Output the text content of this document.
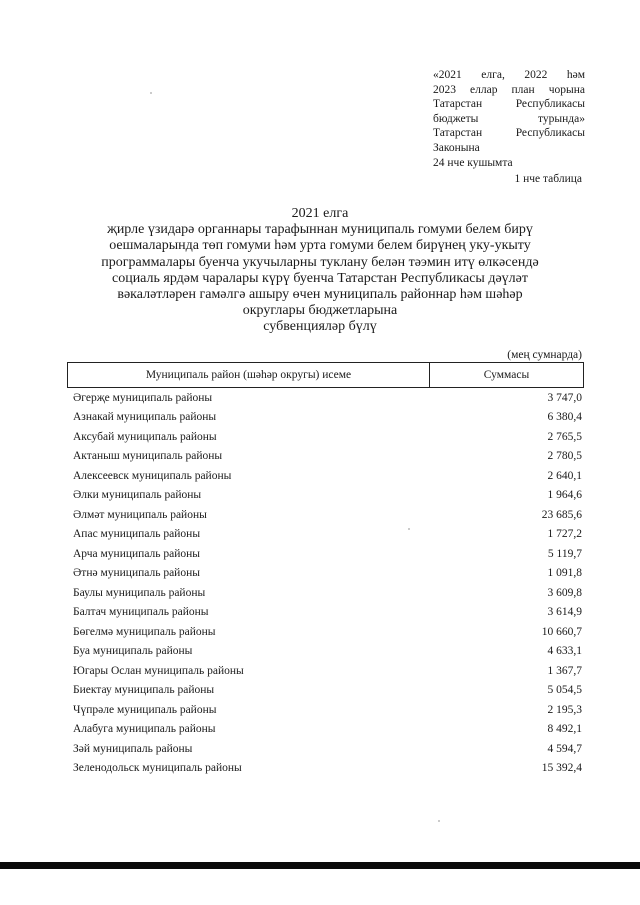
«2021 елга, 2022 һәм
2023 еллар план чорына
Татарстан Республикасы
бюджеты турында»
Татарстан Республикасы
Законына
24 нче кушымта
1 нче таблица
2021 елга
җирле үзидарә органнары тарафыннан муниципаль гомуми белем бирү
оешмаларында төп гомуми һәм урта гомуми белем бирүнең уку-укыту
программалары буенча укучыларны туклану белән тәэмин итү өлкәсендә
социаль ярдәм чаралары күрү буенча Татарстан Республикасы дәүләт
вәкаләтләрен гамәлгә ашыру өчен муниципаль районнар һәм шәһәр
округлары бюджетларына
субвенцияләр бүлү
(мең сумнарда)
Муниципаль район (шәһәр округы) исеме	Суммасы
Әгерҗе муниципаль районы	3 747,0
Азнакай муниципаль районы	6 380,4
Аксубай муниципаль районы	2 765,5
Актаныш муниципаль районы	2 780,5
Алексеевск муниципаль районы	2 640,1
Әлки муниципаль районы	1 964,6
Әлмәт муниципаль районы	23 685,6
Апас муниципаль районы	1 727,2
Арча муниципаль районы	5 119,7
Әтнә муниципаль районы	1 091,8
Баулы муниципаль районы	3 609,8
Балтач муниципаль районы	3 614,9
Бөгелмә муниципаль районы	10 660,7
Буа муниципаль районы	4 633,1
Югары Ослан муниципаль районы	1 367,7
Биектау муниципаль районы	5 054,5
Чүпрәле муниципаль районы	2 195,3
Алабуга муниципаль районы	8 492,1
Зәй муниципаль районы	4 594,7
Зеленодольск муниципаль районы	15 392,4
